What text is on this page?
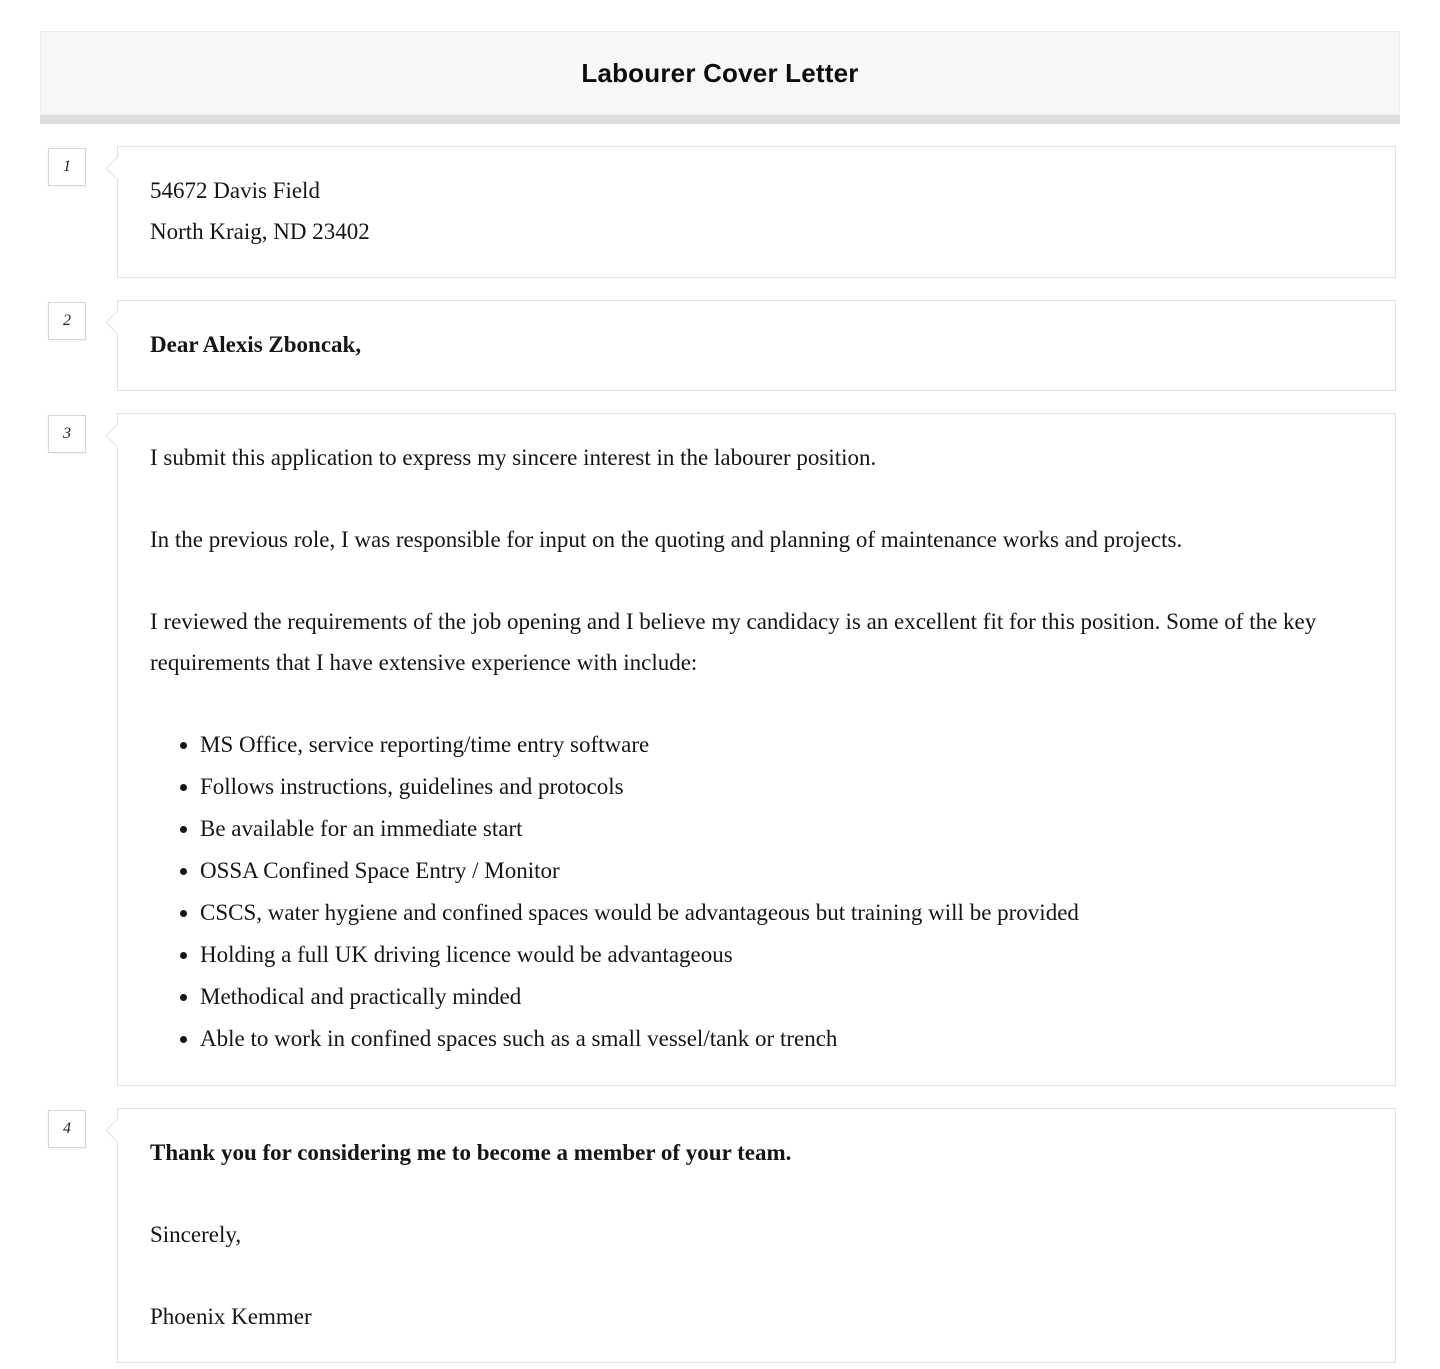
Labourer Cover Letter
1

54672 Davis Field

North Kraig, ND 23402

2

Dear Alexis Zboncak,

3

I submit this application to express my sincere interest in the labourer position.

In the previous role, I was responsible for input on the quoting and planning of maintenance works and projects.

I reviewed the requirements of the job opening and I believe my candidacy is an excellent fit for this position. Some of the key requirements that I have extensive experience with include:

• MS Office, service reporting/time entry software
• Follows instructions, guidelines and protocols
• Be available for an immediate start
• OSSA Confined Space Entry / Monitor
• CSCS, water hygiene and confined spaces would be advantageous but training will be provided
• Holding a full UK driving licence would be advantageous
• Methodical and practically minded
• Able to work in confined spaces such as a small vessel/tank or trench
4

Thank you for considering me to become a member of your team.

Sincerely,

Phoenix Kemmer
